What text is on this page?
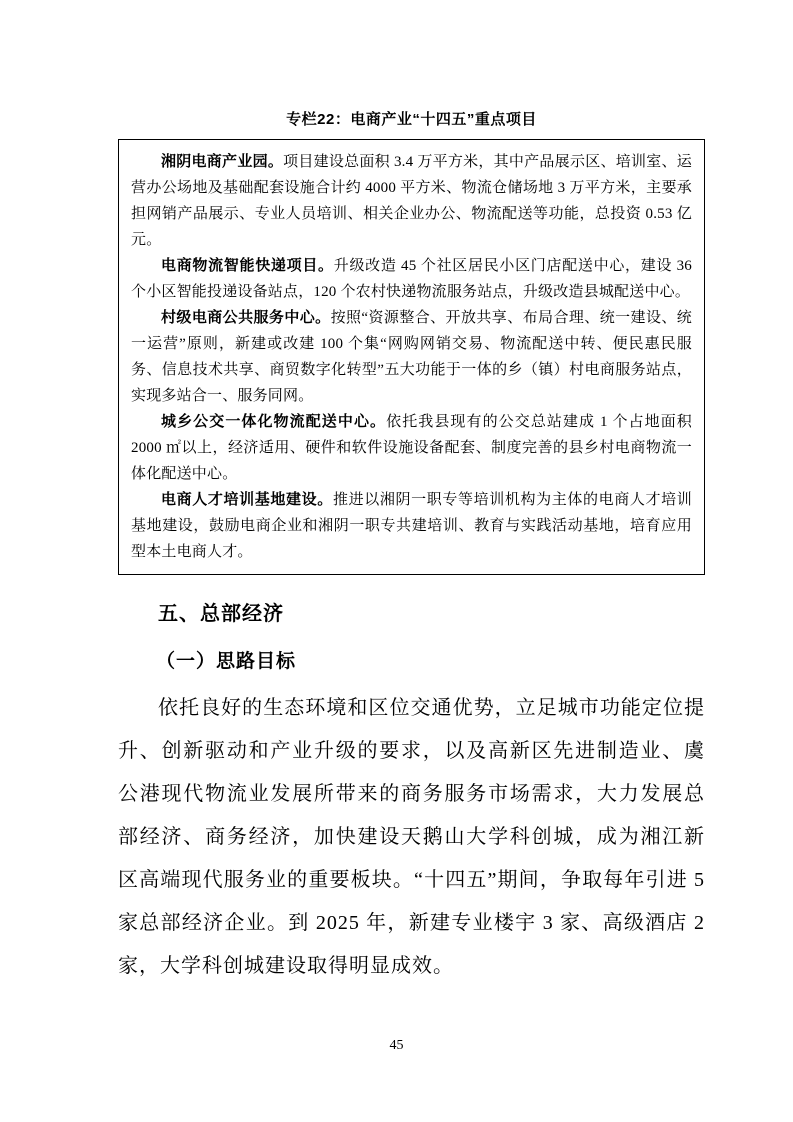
专栏22：电商产业“十四五”重点项目

湘阴电商产业园。项目建设总面积 3.4 万平方米，其中产品展示区、培训室、运营办公场地及基础配套设施合计约 4000 平方米、物流仓储场地 3 万平方米，主要承担网销产品展示、专业人员培训、相关企业办公、物流配送等功能，总投资 0.53 亿元。

电商物流智能快递项目。升级改造 45 个社区居民小区门店配送中心，建设 36 个小区智能投递设备站点，120 个农村快递物流服务站点，升级改造县城配送中心。

村级电商公共服务中心。按照“资源整合、开放共享、布局合理、统一建设、统一运营”原则，新建或改建 100 个集“网购网销交易、物流配送中转、便民惠民服务、信息技术共享、商贸数字化转型”五大功能于一体的乡（镇）村电商服务站点，实现多站合一、服务同网。

城乡公交一体化物流配送中心。依托我县现有的公交总站建成 1 个占地面积 2000 ㎡以上，经济适用、硬件和软件设施设备配套、制度完善的县乡村电商物流一体化配送中心。

电商人才培训基地建设。推进以湘阴一职专等培训机构为主体的电商人才培训基地建设，鼓励电商企业和湘阴一职专共建培训、教育与实践活动基地，培育应用型本土电商人才。

五、总部经济
（一）思路目标

依托良好的生态环境和区位交通优势，立足城市功能定位提升、创新驱动和产业升级的要求，以及高新区先进制造业、虞公港现代物流业发展所带来的商务服务市场需求，大力发展总部经济、商务经济，加快建设天鹅山大学科创城，成为湘江新区高端现代服务业的重要板块。“十四五”期间，争取每年引进 5 家总部经济企业。到 2025 年，新建专业楼宇 3 家、高级酒店 2 家，大学科创城建设取得明显成效。

45
